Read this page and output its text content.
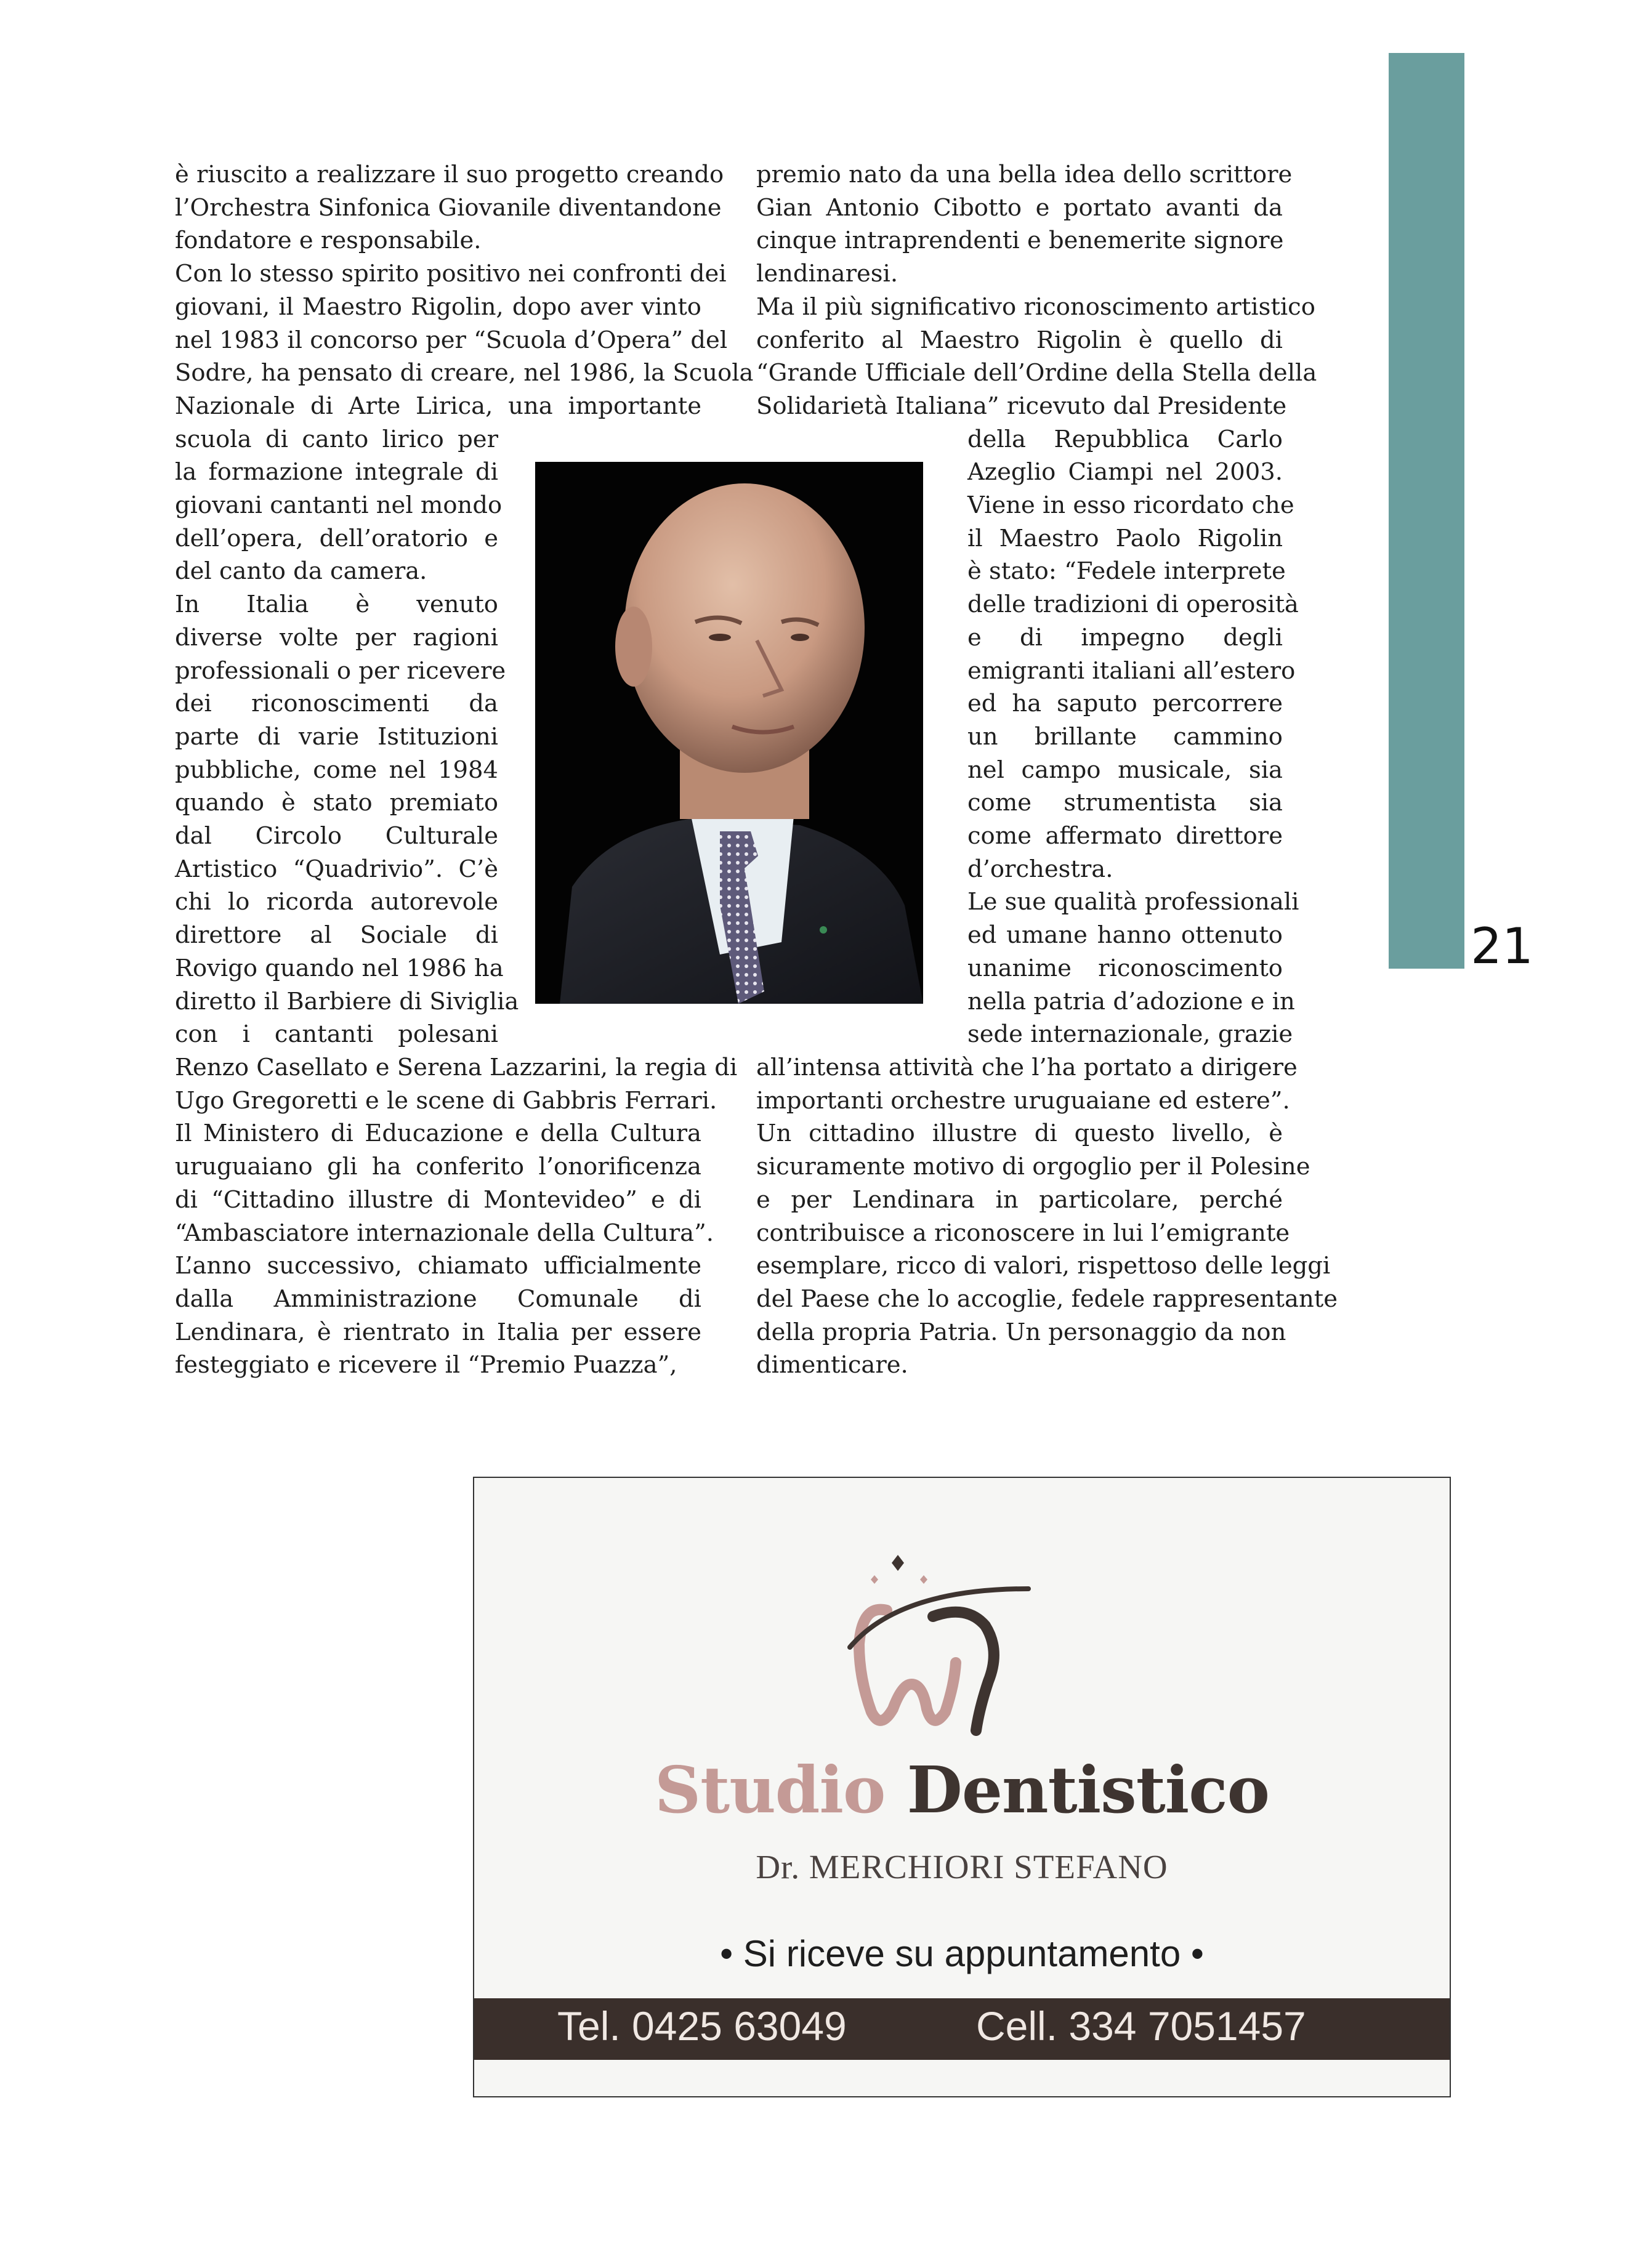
21
è riuscito a realizzare il suo progetto creando
l’Orchestra Sinfonica Giovanile diventandone
fondatore e responsabile.
Con lo stesso spirito positivo nei confronti dei
giovani, il Maestro Rigolin, dopo aver vinto
nel 1983 il concorso per “Scuola d’Opera” del
Sodre, ha pensato di creare, nel 1986, la Scuola
Nazionale di Arte Lirica, una importante
scuola di canto lirico per
la formazione integrale di
giovani cantanti nel mondo
dell’opera, dell’oratorio e
del canto da camera.
In Italia è venuto
diverse volte per ragioni
professionali o per ricevere
dei riconoscimenti da
parte di varie Istituzioni
pubbliche, come nel 1984
quando è stato premiato
dal Circolo Culturale
Artistico “Quadrivio”. C’è
chi lo ricorda autorevole
direttore al Sociale di
Rovigo quando nel 1986 ha
diretto il Barbiere di Siviglia
con i cantanti polesani
Renzo Casellato e Serena Lazzarini, la regia di
Ugo Gregoretti e le scene di Gabbris Ferrari.
Il Ministero di Educazione e della Cultura
uruguaiano gli ha conferito l’onorificenza
di “Cittadino illustre di Montevideo” e di
“Ambasciatore internazionale della Cultura”.
L’anno successivo, chiamato ufficialmente
dalla Amministrazione Comunale di
Lendinara, è rientrato in Italia per essere
festeggiato e ricevere il “Premio Puazza”,
premio nato da una bella idea dello scrittore
Gian Antonio Cibotto e portato avanti da
cinque intraprendenti e benemerite signore
lendinaresi.
Ma il più significativo riconoscimento artistico
conferito al Maestro Rigolin è quello di
“Grande Ufficiale dell’Ordine della Stella della
Solidarietà Italiana” ricevuto dal Presidente
della Repubblica Carlo
Azeglio Ciampi nel 2003.
Viene in esso ricordato che
il Maestro Paolo Rigolin
è stato: “Fedele interprete
delle tradizioni di operosità
e di impegno degli
emigranti italiani all’estero
ed ha saputo percorrere
un brillante cammino
nel campo musicale, sia
come strumentista sia
come affermato direttore
d’orchestra.
Le sue qualità professionali
ed umane hanno ottenuto
unanime riconoscimento
nella patria d’adozione e in
sede internazionale, grazie
all’intensa attività che l’ha portato a dirigere
importanti orchestre uruguaiane ed estere”.
Un cittadino illustre di questo livello, è
sicuramente motivo di orgoglio per il Polesine
e per Lendinara in particolare, perché
contribuisce a riconoscere in lui l’emigrante
esemplare, ricco di valori, rispettoso delle leggi
del Paese che lo accoglie, fedele rappresentante
della propria Patria. Un personaggio da non
dimenticare.
Studio Dentistico
Dr. MERCHIORI STEFANO
• Si riceve su appuntamento •
Tel. 0425 63049	Cell. 334 7051457
